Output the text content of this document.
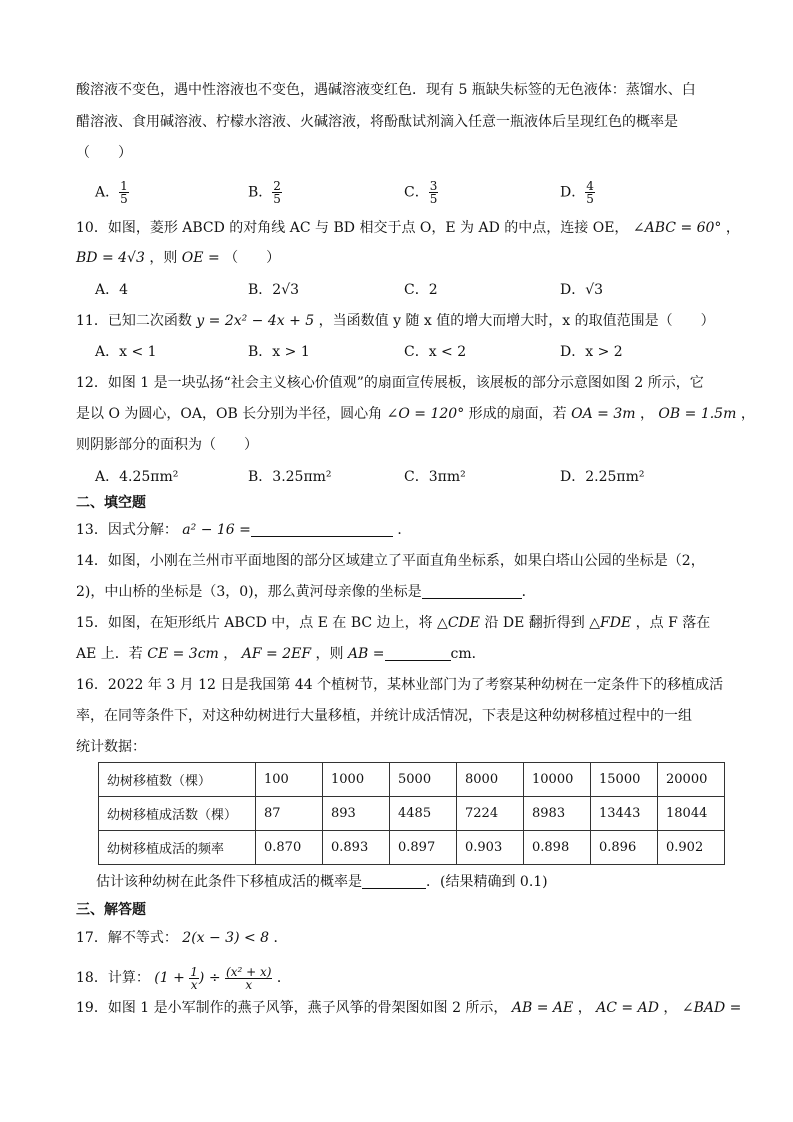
酸溶液不变色，遇中性溶液也不变色，遇碱溶液变红色．现有 5 瓶缺失标签的无色液体：蒸馏水、白
醋溶液、食用碱溶液、柠檬水溶液、火碱溶液，将酚酞试剂滴入任意一瓶液体后呈现红色的概率是
（　　）
A． $\frac{1}{5}$	B． $\frac{2}{5}$	C． $\frac{3}{5}$	D． $\frac{4}{5}$
10．如图，菱形 ABCD 的对角线 AC 与 BD 相交于点 O，E 为 AD 的中点，连接 OE， ∠ABC = 60° ，
BD = 4√3 ，则 OE = （　　）
A．4	B．2√3	C．2	D．√3
11．已知二次函数 y = 2x² − 4x + 5 ，当函数值 y 随 x 值的增大而增大时，x 的取值范围是（　　）
A．x < 1	B．x > 1	C．x < 2	D．x > 2
12．如图 1 是一块弘扬“社会主义核心价值观”的扇面宣传展板，该展板的部分示意图如图 2 所示，它
是以 O 为圆心，OA，OB 长分别为半径，圆心角 ∠O = 120° 形成的扇面，若 OA = 3m ， OB = 1.5m ，
则阴影部分的面积为（　　）
A．4.25πm²	B．3.25πm²	C．3πm²	D．2.25πm²
二、填空题
13．因式分解： a² − 16 =	．
14．如图，小刚在兰州市平面地图的部分区域建立了平面直角坐标系，如果白塔山公园的坐标是（2，
2)，中山桥的坐标是（3，0)，那么黄河母亲像的坐标是	．
15．如图，在矩形纸片 ABCD 中，点 E 在 BC 边上，将 △CDE 沿 DE 翻折得到 △FDE ，点 F 落在
AE 上．若 CE = 3cm ， AF = 2EF ，则 AB =	cm．
16．2022 年 3 月 12 日是我国第 44 个植树节，某林业部门为了考察某种幼树在一定条件下的移植成活
率，在同等条件下，对这种幼树进行大量移植，并统计成活情况，下表是这种幼树移植过程中的一组
统计数据：
幼树移植数（棵）	100	1000	5000	8000	10000	15000	20000
幼树移植成活数（棵）	87	893	4485	7224	8983	13443	18044
幼树移植成活的频率	0.870	0.893	0.897	0.903	0.898	0.896	0.902
估计该种幼树在此条件下移植成活的概率是	．(结果精确到 0.1)
三、解答题
17．解不等式： 2(x − 3) < 8 ．
18．计算： ($1 + \frac{1}{x}$ ) ÷ $\frac{\text{(x² + x)}}{x}$ ．
19．如图 1 是小军制作的燕子风筝，燕子风筝的骨架图如图 2 所示， AB = AE ， AC = AD ， ∠BAD =
